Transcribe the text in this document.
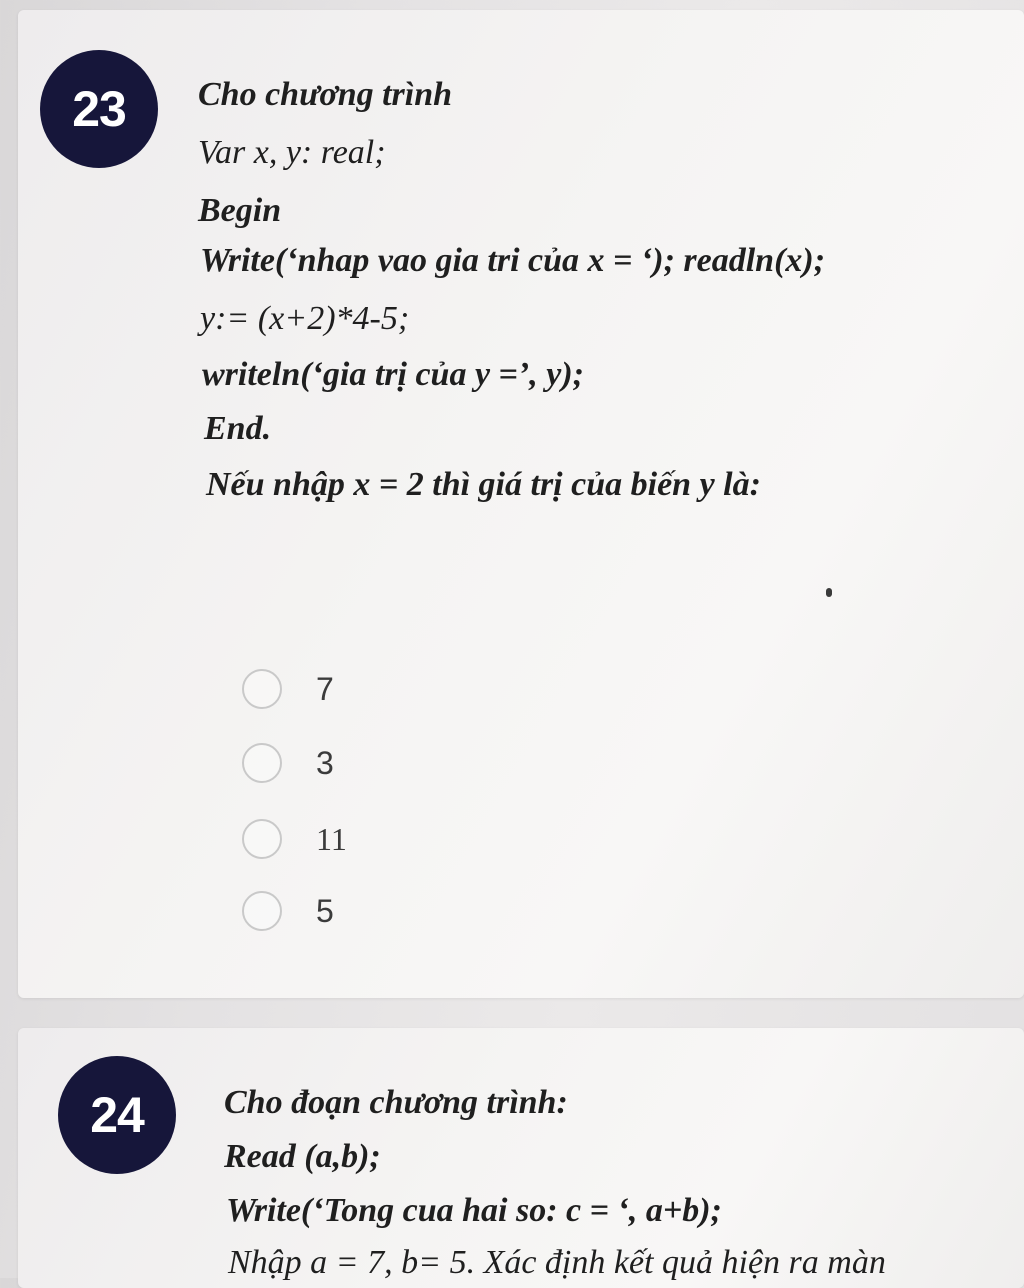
23	Cho chương trình
Var x, y: real;
Begin
Write(‘nhap vao gia tri của x = ‘); readln(x);
y:= (x+2)*4-5;
writeln(‘gia trị của y =’, y);
End.
Nếu nhập x = 2 thì giá trị của biến y là:
7
3
11
5
24	Cho đoạn chương trình:
Read (a,b);
Write(‘Tong cua hai so: c = ‘, a+b);
Nhập a = 7, b= 5. Xác định kết quả hiện ra màn
